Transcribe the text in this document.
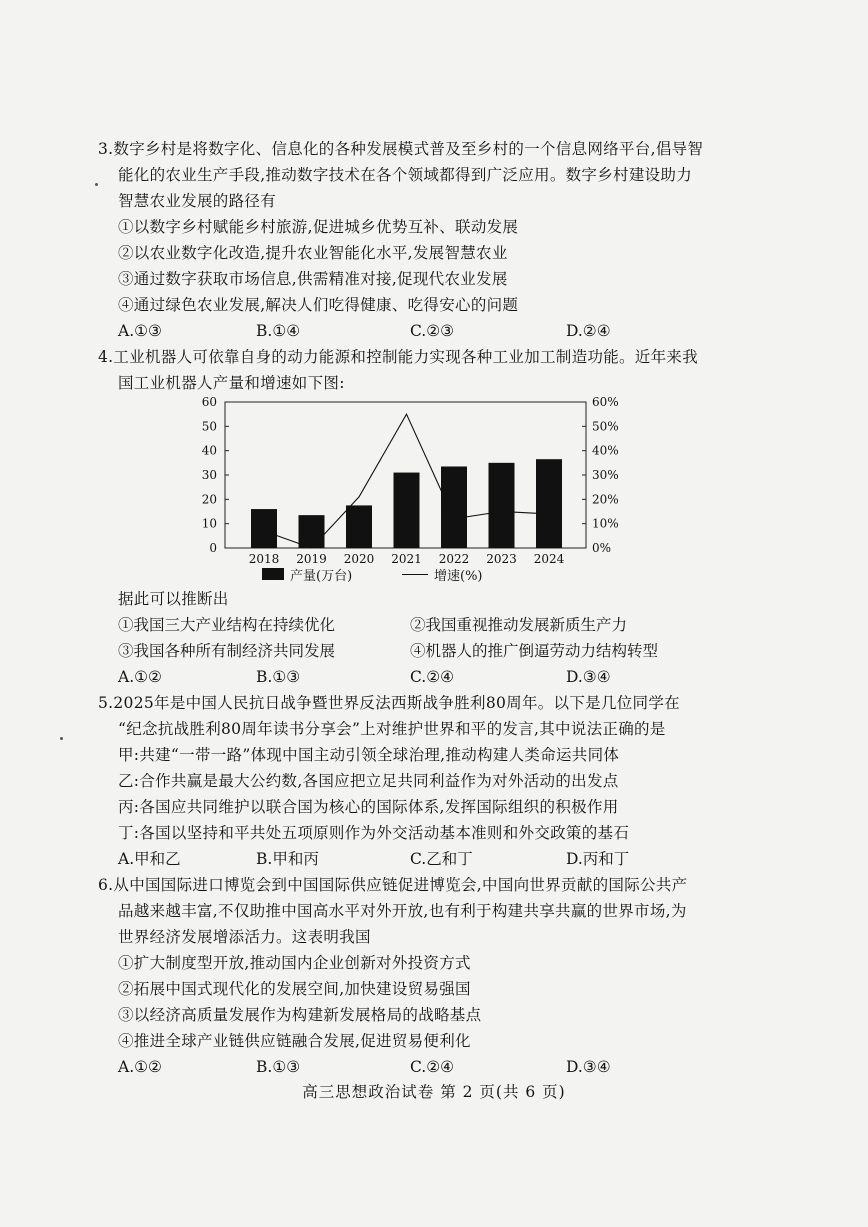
3.数字乡村是将数字化、信息化的各种发展模式普及至乡村的一个信息网络平台,倡导智
能化的农业生产手段,推动数字技术在各个领域都得到广泛应用。数字乡村建设助力
智慧农业发展的路径有
①以数字乡村赋能乡村旅游,促进城乡优势互补、联动发展
②以农业数字化改造,提升农业智能化水平,发展智慧农业
③通过数字获取市场信息,供需精准对接,促现代农业发展
④通过绿色农业发展,解决人们吃得健康、吃得安心的问题
A.①③	B.①④	C.②③	D.②④
4.工业机器人可依靠自身的动力能源和控制能力实现各种工业加工制造功能。近年来我
国工业机器人产量和增速如下图:
0
10
20
30
40
50
60
0%
10%
20%
30%
40%
50%
60%
2018 2019 2020 2021 2022 2023 2024
产量(万台)	增速(%)
据此可以推断出
①我国三大产业结构在持续优化	②我国重视推动发展新质生产力
③我国各种所有制经济共同发展	④机器人的推广倒逼劳动力结构转型
A.①②	B.①③	C.②④	D.③④
5.2025年是中国人民抗日战争暨世界反法西斯战争胜利80周年。以下是几位同学在
“纪念抗战胜利80周年读书分享会”上对维护世界和平的发言,其中说法正确的是
甲:共建“一带一路”体现中国主动引领全球治理,推动构建人类命运共同体
乙:合作共赢是最大公约数,各国应把立足共同利益作为对外活动的出发点
丙:各国应共同维护以联合国为核心的国际体系,发挥国际组织的积极作用
丁:各国以坚持和平共处五项原则作为外交活动基本准则和外交政策的基石
A.甲和乙	B.甲和丙	C.乙和丁	D.丙和丁
6.从中国国际进口博览会到中国国际供应链促进博览会,中国向世界贡献的国际公共产
品越来越丰富,不仅助推中国高水平对外开放,也有利于构建共享共赢的世界市场,为
世界经济发展增添活力。这表明我国
①扩大制度型开放,推动国内企业创新对外投资方式
②拓展中国式现代化的发展空间,加快建设贸易强国
③以经济高质量发展作为构建新发展格局的战略基点
④推进全球产业链供应链融合发展,促进贸易便利化
A.①②	B.①③	C.②④	D.③④
高三思想政治试卷 第 2 页(共 6 页)
